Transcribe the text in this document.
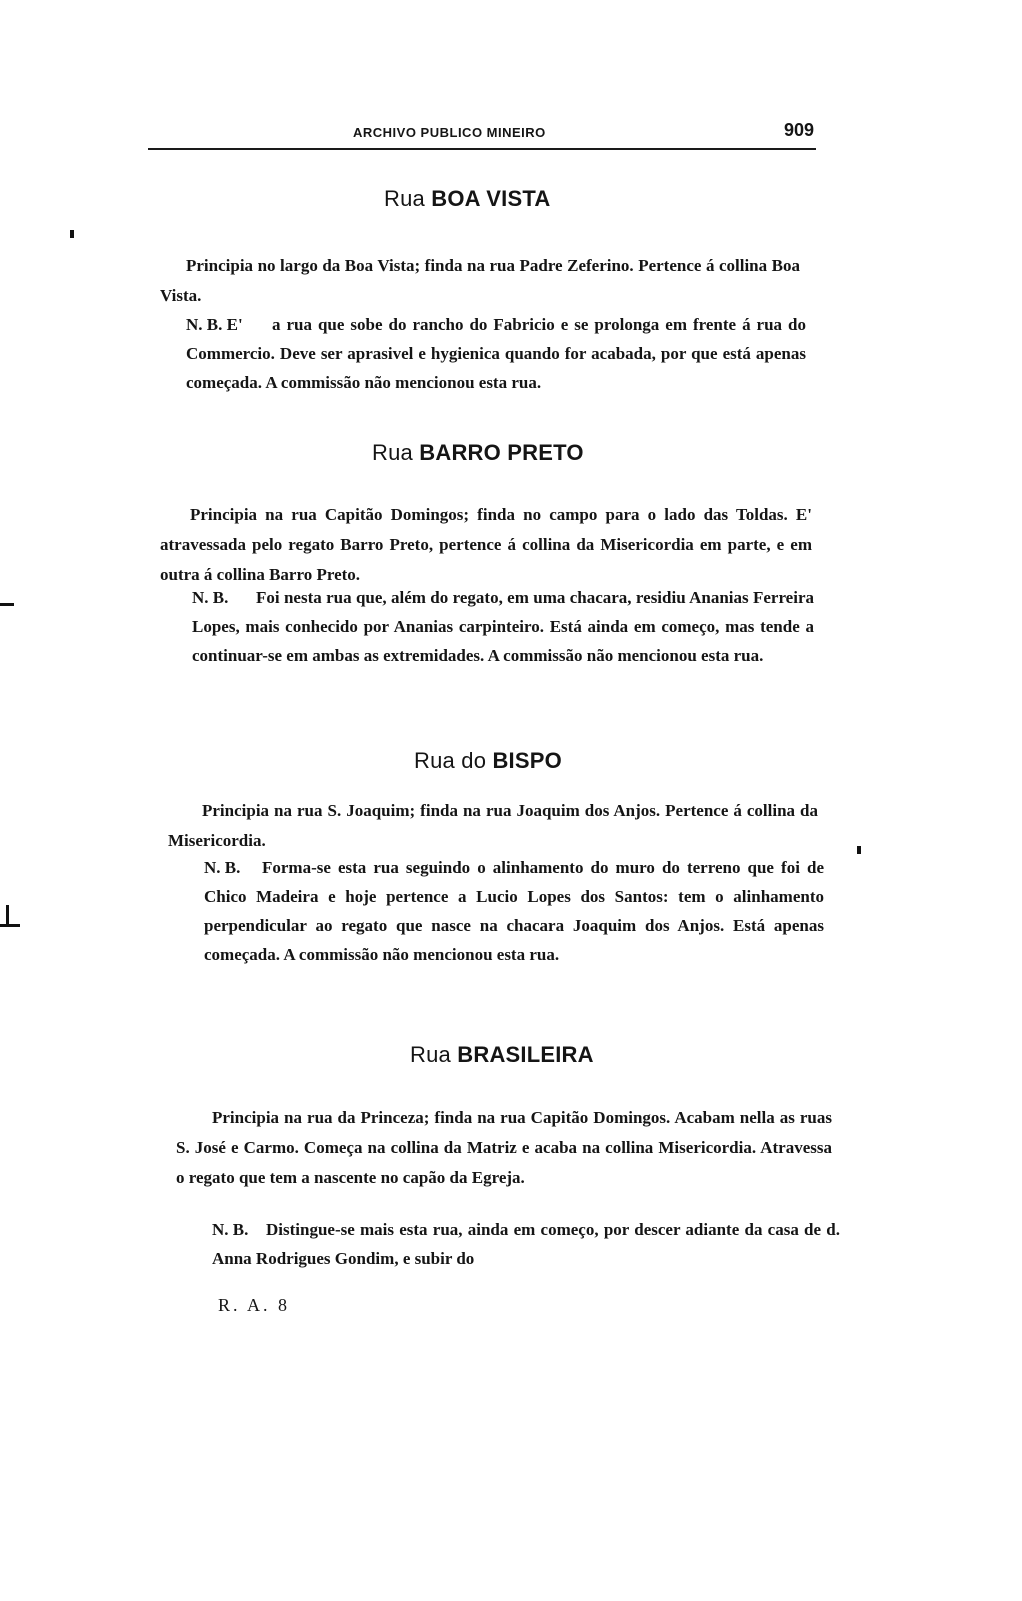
ARCHIVO PUBLICO MINEIRO	909
Rua BOA VISTA

Principia no largo da Boa Vista; finda na rua Padre Zeferino. Pertence á collina Boa Vista.

N. B. E'	a rua que sobe do rancho do Fabricio e se prolonga em frente á rua do Commercio. Deve ser aprasivel e hygienica quando for acabada, por que está apenas começada. A commissão não mencionou esta rua.

Rua BARRO PRETO

Principia na rua Capitão Domingos; finda no campo para o lado das Toldas. E' atravessada pelo regato Barro Preto, pertence á collina da Misericordia em parte, e em outra á collina Barro Preto.

N. B.	Foi nesta rua que, além do regato, em uma chacara, residiu Ananias Ferreira Lopes, mais conhecido por Ananias carpinteiro. Está ainda em começo, mas tende a continuar-se em ambas as extremidades. A commissão não mencionou esta rua.

Rua do BISPO

Principia na rua S. Joaquim; finda na rua Joaquim dos Anjos. Pertence á collina da Misericordia.

N. B.	Forma-se esta rua seguindo o alinhamento do muro do terreno que foi de Chico Madeira e hoje pertence a Lucio Lopes dos Santos: tem o alinhamento perpendicular ao regato que nasce na chacara Joaquim dos Anjos. Está apenas começada. A commissão não mencionou esta rua.

Rua BRASILEIRA

Principia na rua da Princeza; finda na rua Capitão Domingos. Acabam nella as ruas S. José e Carmo. Começa na collina da Matriz e acaba na collina Misericordia. Atravessa o regato que tem a nascente no capão da Egreja.

N. B.	Distingue-se mais esta rua, ainda em começo, por descer adiante da casa de d. Anna Rodrigues Gondim, e subir do

R. A. 8
